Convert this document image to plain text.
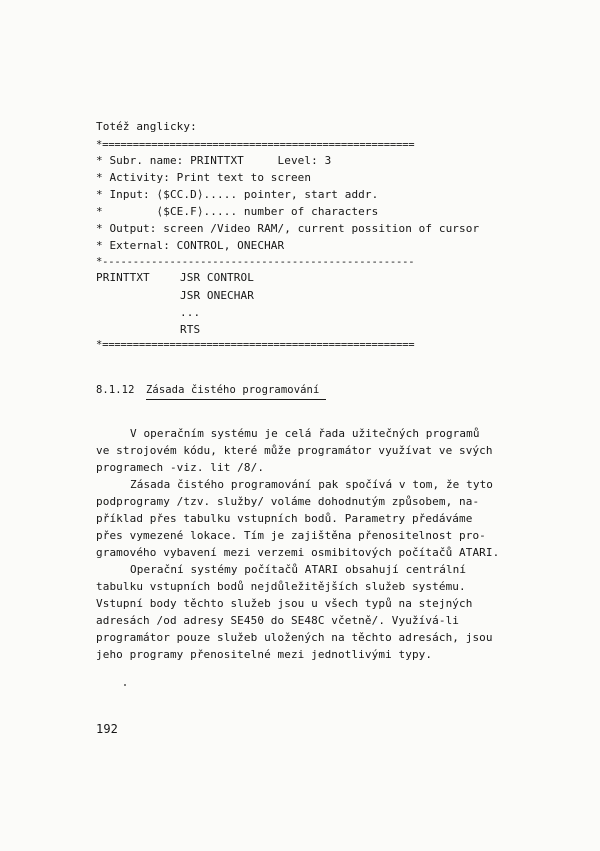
Totéž anglicky:
*===================================================
* Subr. name: PRINTTXT     Level: 3
* Activity: Print text to screen
* Input: ⟨$CC.D⟩..... pointer, start addr.
*        ⟨$CE.F⟩..... number of characters
* Output: screen /Video RAM/, current possition of cursor
* External: CONTROL, ONECHAR
*---------------------------------------------------
PRINTTXT	JSR CONTROL
JSR ONECHAR
...
RTS
*===================================================
8.1.12 Zásada čistého programování
V operačním systému je celá řada užitečných programů
ve strojovém kódu, které může programátor využívat ve svých
programech -viz. lit /8/.
Zásada čistého programování pak spočívá v tom, že tyto
podprogramy /tzv. služby/ voláme dohodnutým způsobem, na-
příklad přes tabulku vstupních bodů. Parametry předáváme
přes vymezené lokace. Tím je zajištěna přenositelnost pro-
gramového vybavení mezi verzemi osmibitových počítačů ATARI.
Operační systémy počítačů ATARI obsahují centrální
tabulku vstupních bodů nejdůležitějších služeb systému.
Vstupní body těchto služeb jsou u všech typů na stejných
adresách /od adresy SE450 do SE48C včetně/. Využívá-li
programátor pouze služeb uložených na těchto adresách, jsou
jeho programy přenositelné mezi jednotlivými typy.
192
